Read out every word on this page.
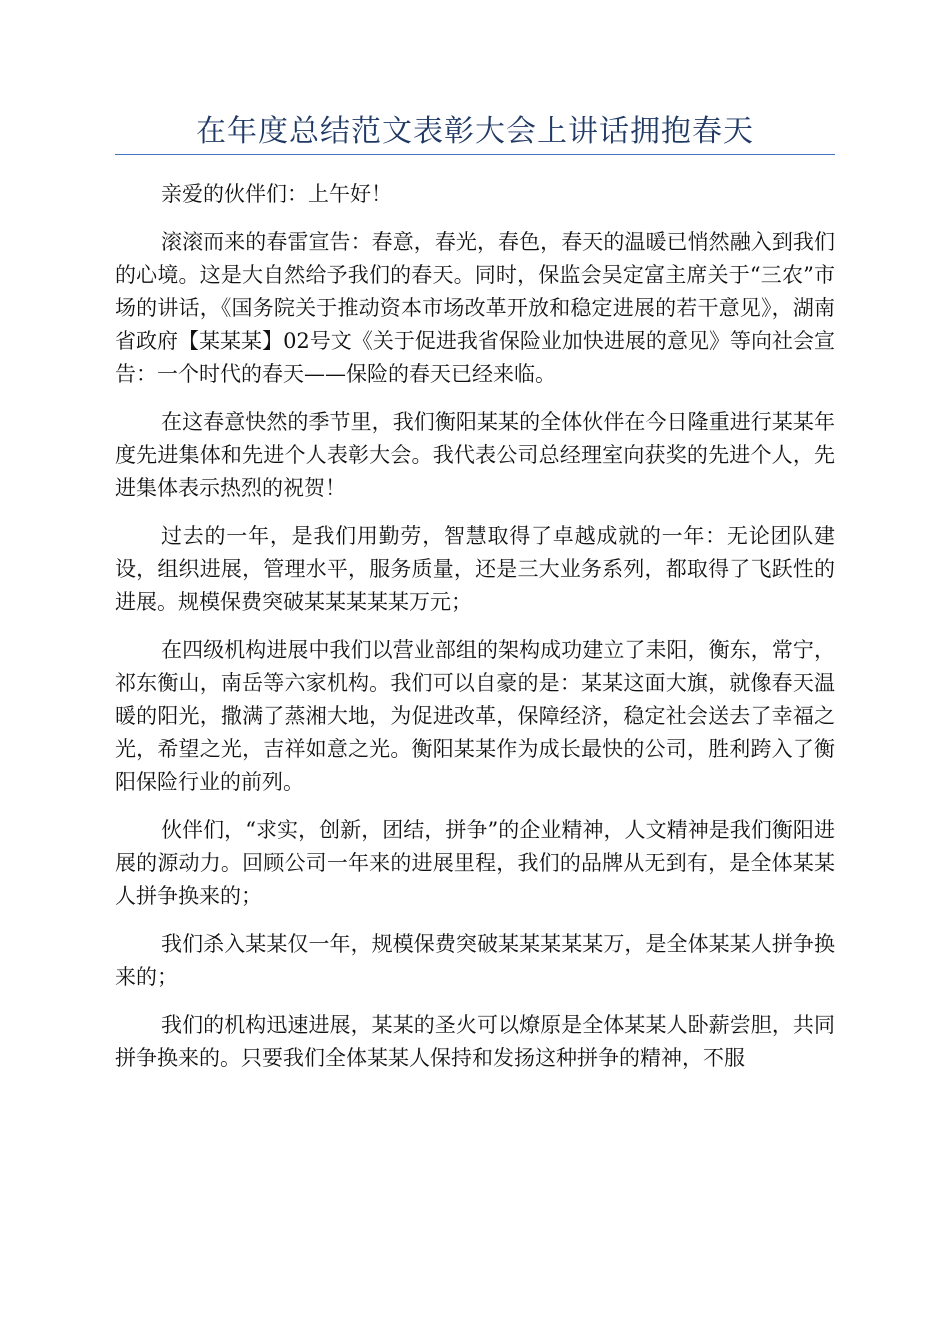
在年度总结范文表彰大会上讲话拥抱春天

亲爱的伙伴们：上午好！

滚滚而来的春雷宣告：春意，春光，春色，春天的温暖已悄然融入到我们的心境。这是大自然给予我们的春天。同时，保监会吴定富主席关于“三农”市场的讲话，《国务院关于推动资本市场改革开放和稳定进展的若干意见》，湖南省政府【某某某】02号文《关于促进我省保险业加快进展的意见》等向社会宣告：一个时代的春天——保险的春天已经来临。

在这春意快然的季节里，我们衡阳某某的全体伙伴在今日隆重进行某某年度先进集体和先进个人表彰大会。我代表公司总经理室向获奖的先进个人，先进集体表示热烈的祝贺！

过去的一年，是我们用勤劳，智慧取得了卓越成就的一年：无论团队建设，组织进展，管理水平，服务质量，还是三大业务系列，都取得了飞跃性的进展。规模保费突破某某某某某万元；

在四级机构进展中我们以营业部组的架构成功建立了耒阳，衡东，常宁，祁东衡山，南岳等六家机构。我们可以自豪的是：某某这面大旗，就像春天温暖的阳光，撒满了蒸湘大地，为促进改革，保障经济，稳定社会送去了幸福之光，希望之光，吉祥如意之光。衡阳某某作为成长最快的公司，胜利跨入了衡阳保险行业的前列。

伙伴们，“求实，创新，团结，拼争”的企业精神，人文精神是我们衡阳进展的源动力。回顾公司一年来的进展里程，我们的品牌从无到有，是全体某某人拼争换来的；

我们杀入某某仅一年，规模保费突破某某某某某万，是全体某某人拼争换来的；

我们的机构迅速进展，某某的圣火可以燎原是全体某某人卧薪尝胆，共同拼争换来的。只要我们全体某某人保持和发扬这种拼争的精神，不服
